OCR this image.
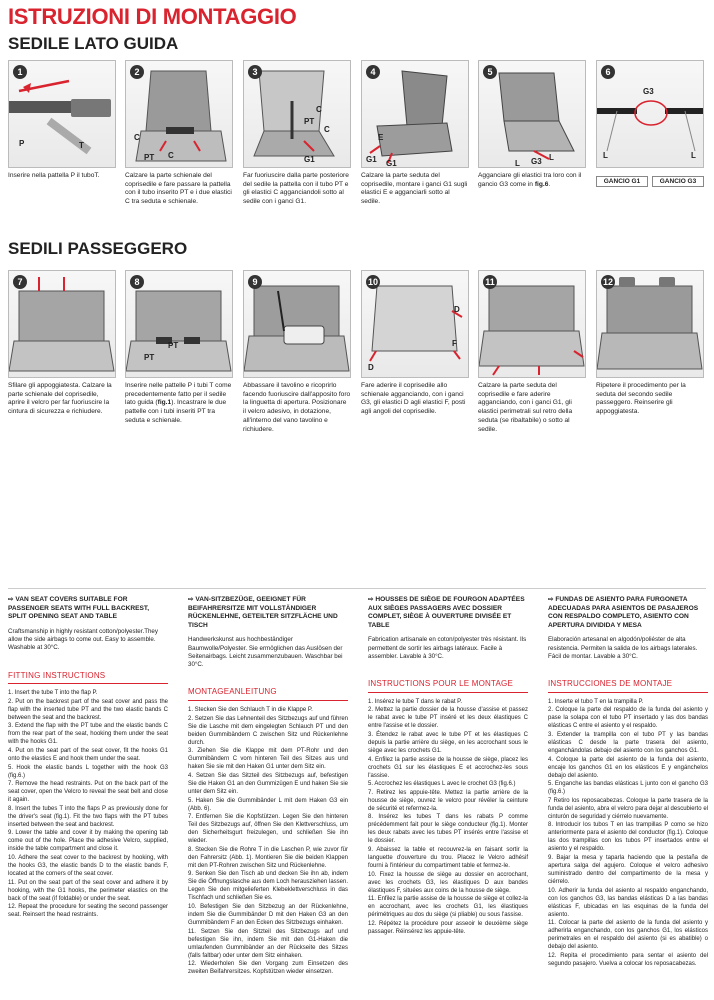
ISTRUZIONI DI MONTAGGIO
SEDILE LATO GUIDA
1
P	T
Inserire nella pattella P il tuboT.
2
C
PT C
Calzare la parte schienale del coprisedile e fare passare la pattella con il tubo inserito PT e i due elastici C tra seduta e schienale.
3
C
PT
C
G1
Far fuoriuscire dalla parte posteriore del sedile la pattella con il tubo PT e gli elastici C agganciandoli sotto al sedile con i ganci G1.
4
E
G1 G1
Calzare la parte seduta del coprisedile, montare i ganci G1 sugli elastici E e agganciarli sotto al sedile.
5
G3 L
L
Agganciare gli elastici tra loro con il gancio G3 come in fig.6.
6
G3
L	L
GANCIO G1	GANCIO G3
SEDILI PASSEGGERO
7
Sfilare gli appoggiatesta. Calzare la parte schienale del coprisedile, aprire il velcro per far fuoriuscire la cintura di sicurezza e richiudere.
8
PT
PT
Inserire nelle pattelle P i tubi T come precedentemente fatto per il sedile lato guida (fig.1). Incastrare le due pattelle con i tubi inseriti PT tra seduta e schienale.
9
Abbassare il tavolino e ricoprirlo facendo fuoriuscire dall'apposito foro la linguetta di apertura. Posizionare il velcro adesivo, in dotazione, all'interno del vano tavolino e richiudere.
10
D
D
F
Fare aderire il coprisedile allo schienale agganciando, con i ganci G3, gli elastici D agli elastici F, posti agli angoli del coprisedile.
11
Calzare la parte seduta del coprisedile e fare aderire agganciando, con i ganci G1, gli elastici perimetrali sul retro della seduta (se ribaltabile) o sotto al sedile.
12
Ripetere il procedimento per la seduta del secondo sedile passeggero. Reinserire gli appoggiatesta.
⇨ VAN SEAT COVERS SUITABLE FOR PASSENGER SEATS WITH FULL BACKREST, SPLIT OPENING SEAT AND TABLE
Craftsmanship in highly resistant cotton/polyester.They allow the side airbags to come out. Easy to assemble. Washable at 30°C.
FITTING INSTRUCTIONS
1. Insert the tube T into the flap P.
2. Put on the backrest part of the seat cover and pass the flap with the inserted tube PT and the two elastic bands C between the seat and the backrest.
3. Extend the flap with the PT tube and the elastic bands C from the rear part of the seat, hooking them under the seat with the hooks G1.
4. Put on the seat part of the seat cover, fit the hooks G1 onto the elastics E and hook them under the seat.
5. Hook the elastic bands L together with the hook G3 (fig.6.)
7. Remove the head restraints. Put on the back part of the seat cover, open the Velcro to reveal the seat belt and close it again.
8. Insert the tubes T into the flaps P as previously done for the driver's seat (fig.1). Fit the two flaps with the PT tubes inserted between the seat and backrest.
9. Lower the table and cover it by making the opening tab come out of the hole. Place the adhesive Velcro, supplied, inside the table compartment and close it.
10. Adhere the seat cover to the backrest by hooking, with the hooks G3, the elastic bands D to the elastic bands F, located at the corners of the seat cover.
11. Put on the seat part of the seat cover and adhere it by hooking, with the G1 hooks, the perimeter elastics on the back of the seat (if foldable) or under the seat.
12. Repeat the procedure for seating the second passenger seat. Reinsert the head restraints.
⇨ VAN-SITZBEZÜGE, GEEIGNET FÜR BEIFAHRERSITZE MIT VOLLSTÄNDIGER RÜCKENLEHNE, GETEILTER SITZFLÄCHE UND TISCH
Handwerkskunst aus hochbeständiger Baumwolle/Polyester. Sie ermöglichen das Auslösen der Seitenairbags. Leicht zusammenzubauen. Waschbar bei 30°C.
MONTAGEANLEITUNG
1. Stecken Sie den Schlauch T in die Klappe P.
2. Setzen Sie das Lehnenteil des Sitzbezugs auf und führen Sie die Lasche mit dem eingelegten Schlauch PT und den beiden Gummibändern C zwischen Sitz und Rückenlehne durch.
3. Ziehen Sie die Klappe mit dem PT-Rohr und den Gummibändern C vom hinteren Teil des Sitzes aus und haken Sie sie mit den Haken G1 unter dem Sitz ein.
4. Setzen Sie das Sitzteil des Sitzbezugs auf, befestigen Sie die Haken G1 an den Gummizügen E und haken Sie sie unter dem Sitz ein.
5. Haken Sie die Gummibänder L mit dem Haken G3 ein (Abb. 6).
7. Entfernen Sie die Kopfstützen. Legen Sie den hinteren Teil des Sitzbezugs auf, öffnen Sie den Klettverschluss, um den Sicherheitsgurt freizulegen, und schließen Sie ihn wieder.
8. Stecken Sie die Rohre T in die Laschen P, wie zuvor für den Fahrersitz (Abb. 1). Montieren Sie die beiden Klappen mit den PT-Rohren zwischen Sitz und Rückenlehne.
9. Senken Sie den Tisch ab und decken Sie ihn ab, indem Sie die Öffnungslasche aus dem Loch herausziehen lassen. Legen Sie den mitgelieferten Klebeklettverschluss in das Tischfach und schließen Sie es.
10. Befestigen Sie den Sitzbezug an der Rückenlehne, indem Sie die Gummibänder D mit den Haken G3 an den Gummibändern F an den Ecken des Sitzbezugs einhaken.
11. Setzen Sie den Sitzteil des Sitzbezugs auf und befestigen Sie ihn, indem Sie mit den G1-Haken die umlaufenden Gummibänder an der Rückseite des Sitzes (falls faltbar) oder unter dem Sitz einhaken.
12. Wiederholen Sie den Vorgang zum Einsetzen des zweiten Beifahrersitzes. Kopfstützen wieder einsetzen.
⇨ HOUSSES DE SIÈGE DE FOURGON ADAPTÉES AUX SIÈGES PASSAGERS AVEC DOSSIER COMPLET, SIÈGE À OUVERTURE DIVISÉE ET TABLE
Fabrication artisanale en coton/polyester très résistant. Ils permettent de sortir les airbags latéraux. Facile à assembler. Lavable à 30°C.
INSTRUCTIONS POUR LE MONTAGE
1. Insérez le tube T dans le rabat P.
2. Mettez la partie dossier de la housse d'assise et passez le rabat avec le tube PT inséré et les deux élastiques C entre l'assise et le dossier.
3. Étendez le rabat avec le tube PT et les élastiques C depuis la partie arrière du siège, en les accrochant sous le siège avec les crochets G1.
4. Enfilez la partie assise de la housse de siège, placez les crochets G1 sur les élastiques E et accrochez-les sous l'assise.
5. Accrochez les élastiques L avec le crochet G3 (fig.6.)
7. Retirez les appuie-tête. Mettez la partie arrière de la housse de siège, ouvrez le velcro pour révéler la ceinture de sécurité et refermez-la.
8. Insérez les tubes T dans les rabats P comme précédemment fait pour le siège conducteur (fig.1). Monter les deux rabats avec les tubes PT insérés entre l'assise et le dossier.
9. Abaissez la table et recouvrez-la en faisant sortir la languette d'ouverture du trou. Placez le Velcro adhésif fourni à l'intérieur du compartiment table et fermez-le.
10. Fixez la housse de siège au dossier en accrochant, avec les crochets G3, les élastiques D aux bandes élastiques F, situées aux coins de la housse de siège.
11. Enfilez la partie assise de la housse de siège et collez-la en accrochant, avec les crochets G1, les élastiques périmétriques au dos du siège (si pliable) ou sous l'assise.
12. Répétez la procédure pour asseoir le deuxième siège passager. Réinsérez les appuie-tête.
⇨ FUNDAS DE ASIENTO PARA FURGONETA ADECUADAS PARA ASIENTOS DE PASAJEROS CON RESPALDO COMPLETO, ASIENTO CON APERTURA DIVIDIDA Y MESA
Elaboración artesanal en algodón/poliéster de alta resistencia. Permiten la salida de los airbags laterales. Fácil de montar. Lavable a 30°C.
INSTRUCCIONES DE MONTAJE
1. Inserte el tubo T en la trampilla P.
2. Coloque la parte del respaldo de la funda del asiento y pase la solapa con el tubo PT insertado y las dos bandas elásticas C entre el asiento y el respaldo.
3. Extender la trampilla con el tubo PT y las bandas elásticas C desde la parte trasera del asiento, enganchándolas debajo del asiento con los ganchos G1.
4. Coloque la parte del asiento de la funda del asiento, encaje los ganchos G1 en los elásticos E y engánchelos debajo del asiento.
5. Enganche las bandas elásticas L junto con el gancho G3 (fig.6.)
7 Retiro los reposacabezas. Coloque la parte trasera de la funda del asiento, abra el velcro para dejar al descubierto el cinturón de seguridad y ciérrelo nuevamente.
8. Introducir los tubos T en las trampillas P como se hizo anteriormente para el asiento del conductor (fig.1). Coloque las dos trampillas con los tubos PT insertados entre el asiento y el respaldo.
9. Bajar la mesa y taparla haciendo que la pestaña de apertura salga del agujero. Coloque el velcro adhesivo suministrado dentro del compartimento de la mesa y ciérrelo.
10. Adherir la funda del asiento al respaldo enganchando, con los ganchos G3, las bandas elásticas D a las bandas elásticas F, ubicadas en las esquinas de la funda del asiento.
11. Colocar la parte del asiento de la funda del asiento y adherirla enganchando, con los ganchos G1, los elásticos perimetrales en el respaldo del asiento (si es abatible) o debajo del asiento.
12. Repita el procedimiento para sentar el asiento del segundo pasajero. Vuelva a colocar los reposacabezas.
